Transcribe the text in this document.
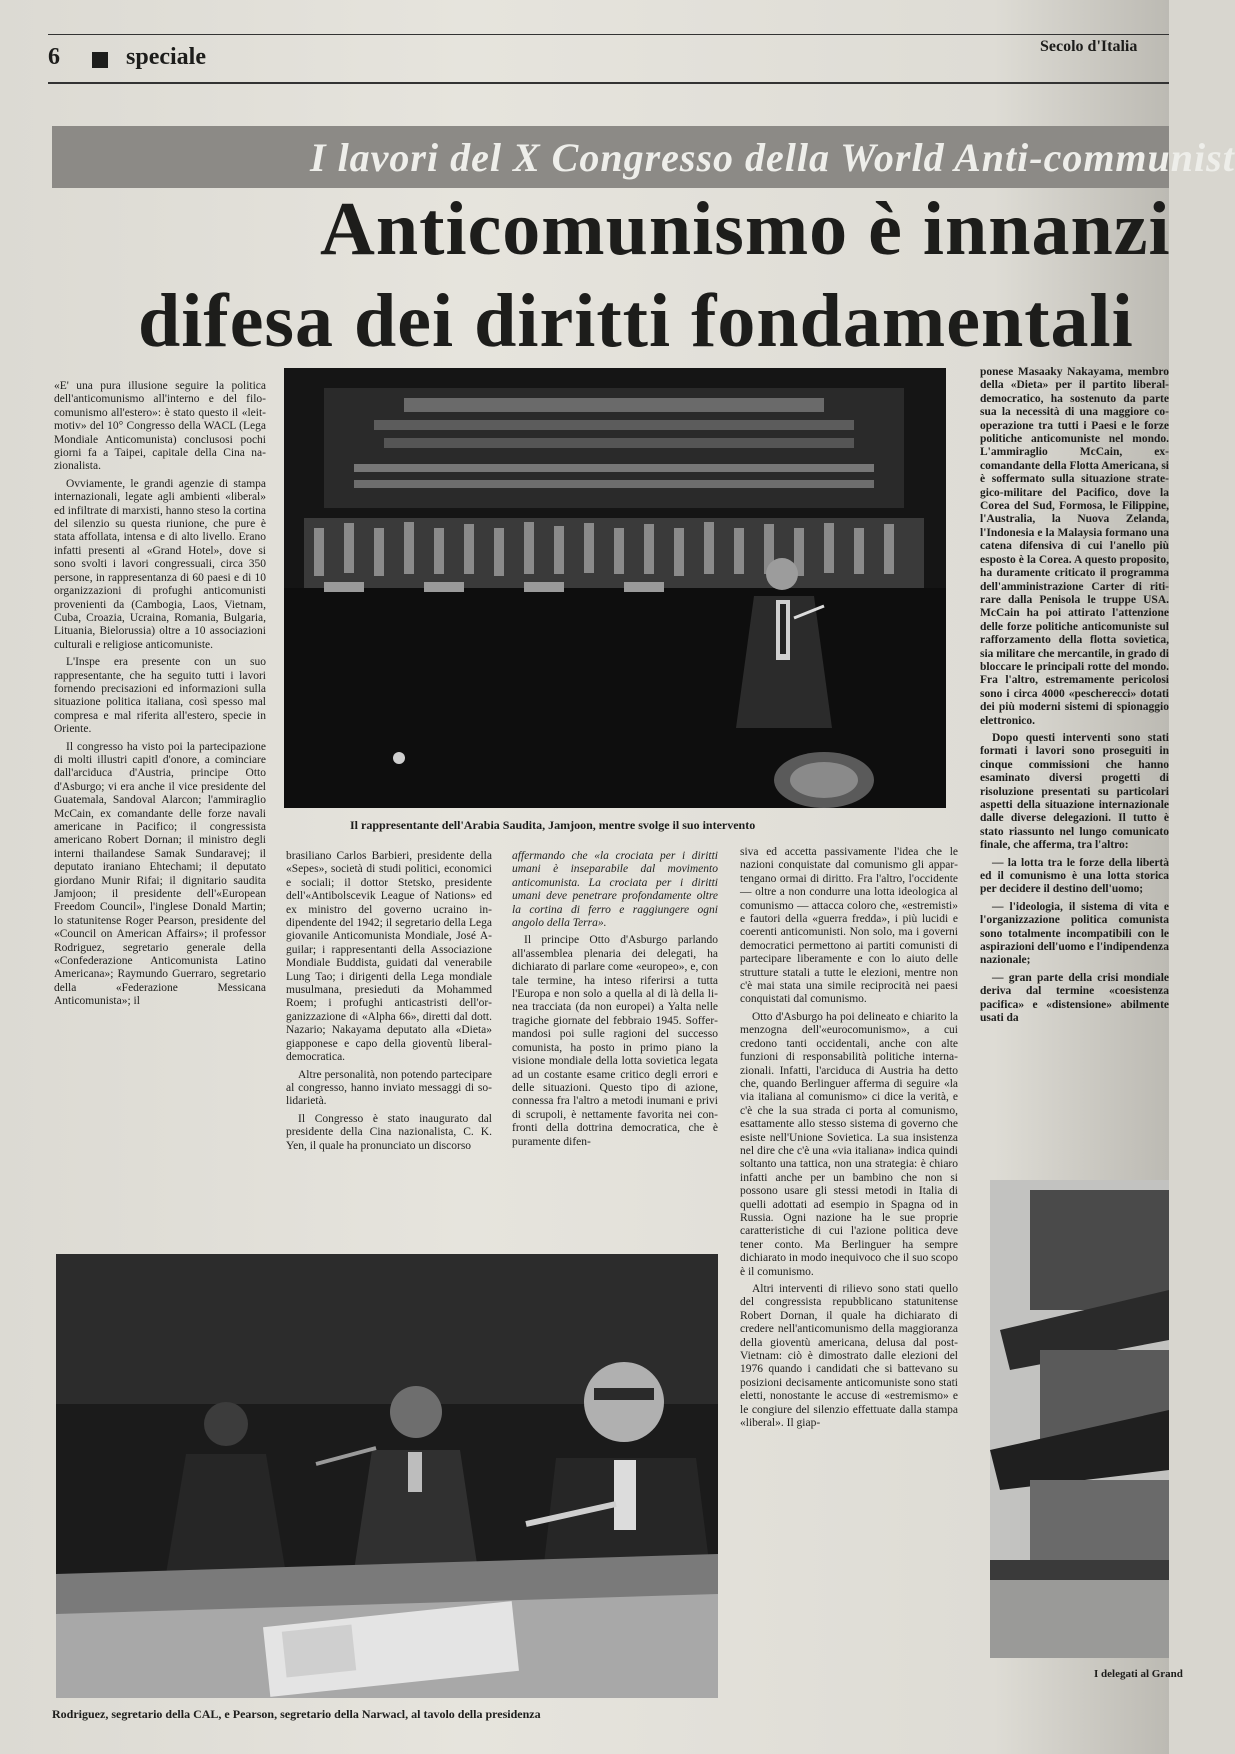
6	speciale	Secolo d'Italia
I lavori del X Congresso della World Anti-communist
Anticomunismo è innanzi
difesa dei diritti fondamentali
Il rappresentante dell'Arabia Saudita, Jamjoon, mentre svolge il suo intervento
Rodriguez, segretario della CAL, e Pearson, segretario della Narwacl, al tavolo della presidenza
I delegati al Grand

«E' una pura illusione seguire la politica dell'anticomunismo all'interno e del filocomunismo all'estero»: è stato questo il «leit-motiv» del 10° Congresso della WACL (Lega Mondiale Anticomunista) conclusosi pochi giorni fa a Taipei, capitale della Cina nazionalista.

Ovviamente, le grandi agenzie di stampa internazionali, legate agli ambienti «liberal» ed infiltrate di marxisti, hanno steso la cortina del silenzio su questa riunione, che pure è stata affollata, intensa e di alto livello. Erano infatti presenti al «Grand Hotel», dove si sono svolti i lavori congressuali, circa 350 persone, in rappresentanza di 60 paesi e di 10 organizzazioni di profughi anticomunisti provenienti da (Cambogia, Laos, Vietnam, Cuba, Croazia, Ucraina, Romania, Bulgaria, Lituania, Bielorussia) oltre a 10 associazioni culturali e religiose anticomuniste.

L'Inspe era presente con un suo rappresentante, che ha seguito tutti i lavori fornendo precisazioni ed informazioni sulla situazione politica italiana, così spesso mal compresa e mal riferita all'estero, specie in Oriente.

Il congresso ha visto poi la partecipazione di molti illustri capitl d'onore, a cominciare dall'arciduca d'Austria, principe Otto d'Asburgo; vi era anche il vice presidente del Guatemala, Sandoval Alarcon; l'ammiraglio McCain, ex comandante delle forze navali americane in Pacifico; il congressista americano Robert Dornan; il ministro degli interni thailandese Samak Sundaravej; il deputato iraniano Ehtechami; il deputato giordano Munir Rifai; il dignitario saudita Jamjoon; il presidente dell'«European Freedom Council», l'inglese Donald Martin; lo statunitense Roger Pearson, presidente del «Council on American Affairs»; il professor Rodriguez, segretario generale della «Confederazione Anticomunista Latino Americana»; Raymundo Guerraro, segretario della «Federazione Messicana Anticomunista»; il

brasiliano Carlos Barbieri, presidente della «Sepes», società di studi politici, economici e sociali; il dottor Stetsko, presidente dell'«Antibolscevik League of Nations» ed ex ministro del governo ucraino indipendente del 1942; il segretario della Lega giovanile Anticomunista Mondiale, José Aguilar; i rappresentanti della Associazione Mondiale Buddista, guidati dal venerabile Lung Tao; i dirigenti della Lega mondiale musulmana, presieduti da Mohammed Roem; i profughi anticastristi dell'organizzazione di «Alpha 66», diretti dal dott. Nazario; Nakayama deputato alla «Dieta» giapponese e capo della gioventù liberal-democratica.

Altre personalità, non potendo partecipare al congresso, hanno inviato messaggi di solidarietà.

Il Congresso è stato inaugurato dal presidente della Cina nazionalista, C. K. Yen, il quale ha pronunciato un discorso

affermando che «la crociata per i diritti umani è inseparabile dal movimento anticomunista. La crociata per i diritti umani deve penetrare profondamente oltre la cortina di ferro e raggiungere ogni angolo della Terra».

Il principe Otto d'Asburgo parlando all'assemblea plenaria dei delegati, ha dichiarato di parlare come «europeo», e, con tale termine, ha inteso riferirsi a tutta l'Europa e non solo a quella al di là della linea tracciata (da non europei) a Yalta nelle tragiche giornate del febbraio 1945. Soffermandosi poi sulle ragioni del successo comunista, ha posto in primo piano la visione mondiale della lotta sovietica legata ad un costante esame critico degli errori e delle situazioni. Questo tipo di azione, connessa fra l'altro a metodi inumani e privi di scrupoli, è nettamente favorita nei confronti della dottrina democratica, che è puramente difen-

siva ed accetta passivamente l'idea che le nazioni conquistate dal comunismo gli appartengano ormai di diritto. Fra l'altro, l'occidente — oltre a non condurre una lotta ideologica al comunismo — attacca coloro che, «estremisti» e fautori della «guerra fredda», i più lucidi e coerenti anticomunisti. Non solo, ma i governi democratici permettono ai partiti comunisti di partecipare liberamente e con lo aiuto delle strutture statali a tutte le elezioni, mentre non c'è mai stata una simile reciprocità nei paesi conquistati dal comunismo.

Otto d'Asburgo ha poi delineato e chiarito la menzogna dell'«eurocomunismo», a cui credono tanti occidentali, anche con alte funzioni di responsabilità politiche internazionali. Infatti, l'arciduca di Austria ha detto che, quando Berlinguer afferma di seguire «la via italiana al comunismo» ci dice la verità, e c'è che la sua strada ci porta al comunismo, esattamente allo stesso sistema di governo che esiste nell'Unione Sovietica. La sua insistenza nel dire che c'è una «via italiana» indica quindi soltanto una tattica, non una strategia: è chiaro infatti anche per un bambino che non si possono usare gli stessi metodi in Italia di quelli adottati ad esempio in Spagna od in Russia. Ogni nazione ha le sue proprie caratteristiche di cui l'azione politica deve tener conto. Ma Berlinguer ha sempre dichiarato in modo inequivoco che il suo scopo è il comunismo.

Altri interventi di rilievo sono stati quello del congressista repubblicano statunitense Robert Dornan, il quale ha dichiarato di credere nell'anticomunismo della maggioranza della gioventù americana, delusa dal post-Vietnam: ciò è dimostrato dalle elezioni del 1976 quando i candidati che si battevano su posizioni decisamente anticomuniste sono stati eletti, nonostante le accuse di «estremismo» e le congiure del silenzio effettuate dalla stampa «liberal». Il giap-

ponese Masaaky Nakayama, membro della «Dieta» per il partito liberal-democratico, ha sostenuto da parte sua la necessità di una maggiore cooperazione tra tutti i Paesi e le forze politiche anticomuniste nel mondo. L'ammiraglio McCain, ex-comandante della Flotta Americana, si è soffermato sulla situazione strategico-militare del Pacifico, dove la Corea del Sud, Formosa, le Filippine, l'Australia, la Nuova Zelanda, l'Indonesia e la Malaysia formano una catena difensiva di cui l'anello più esposto è la Corea. A questo proposito, ha duramente criticato il programma dell'amministrazione Carter di ritirare dalla Penisola le truppe USA. McCain ha poi attirato l'attenzione delle forze politiche anticomuniste sul rafforzamento della flotta sovietica, sia militare che mercantile, in grado di bloccare le principali rotte del mondo. Fra l'altro, estremamente pericolosi sono i circa 4000 «pescherecci» dotati dei più moderni sistemi di spionaggio elettronico.

Dopo questi interventi sono stati formati i lavori sono proseguiti in cinque commissioni che hanno esaminato diversi progetti di risoluzione presentati su particolari aspetti della situazione internazionale dalle diverse delegazioni. Il tutto è stato riassunto nel lungo comunicato finale, che afferma, tra l'altro:

— la lotta tra le forze della libertà ed il comunismo è una lotta storica per decidere il destino dell'uomo;

— l'ideologia, il sistema di vita e l'organizzazione politica comunista sono totalmente incompatibili con le aspirazioni dell'uomo e l'indipendenza nazionale;

— gran parte della crisi mondiale deriva dal termine «coesistenza pacifica» e «distensione» abilmente usati da
